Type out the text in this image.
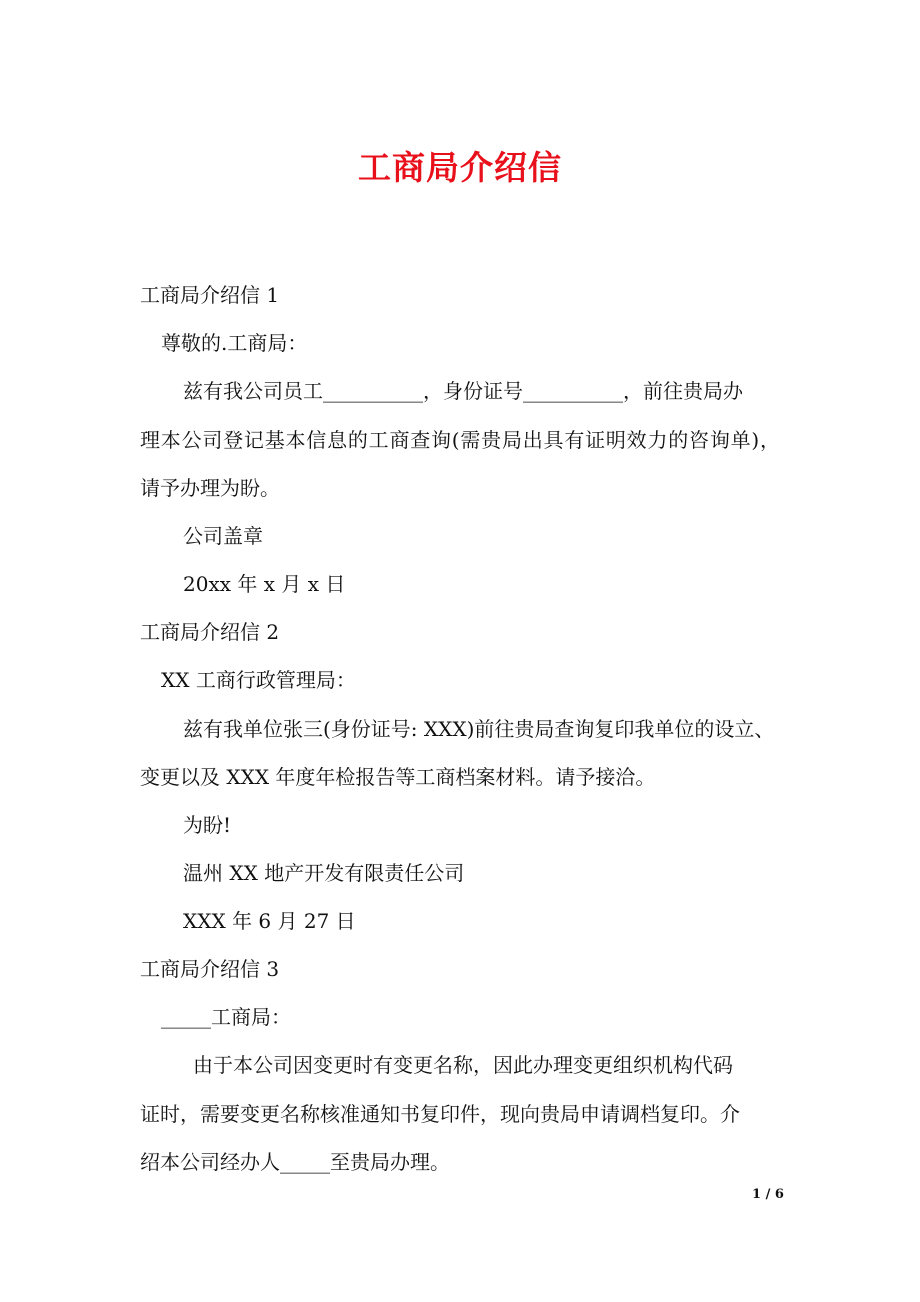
工商局介绍信
工商局介绍信 1
尊敬的.工商局：
兹有我公司员工__________，身份证号__________，前往贵局办
理本公司登记基本信息的工商查询(需贵局出具有证明效力的咨询单)，
请予办理为盼。
公司盖章
20xx 年 x 月 x 日
工商局介绍信 2
XX 工商行政管理局：
兹有我单位张三(身份证号: XXX)前往贵局查询复印我单位的设立、
变更以及 XXX 年度年检报告等工商档案材料。请予接洽。
为盼!
温州 XX 地产开发有限责任公司
XXX 年 6 月 27 日
工商局介绍信 3
_____工商局：
由于本公司因变更时有变更名称，因此办理变更组织机构代码
证时，需要变更名称核准通知书复印件，现向贵局申请调档复印。介
绍本公司经办人_____至贵局办理。
1 / 6
